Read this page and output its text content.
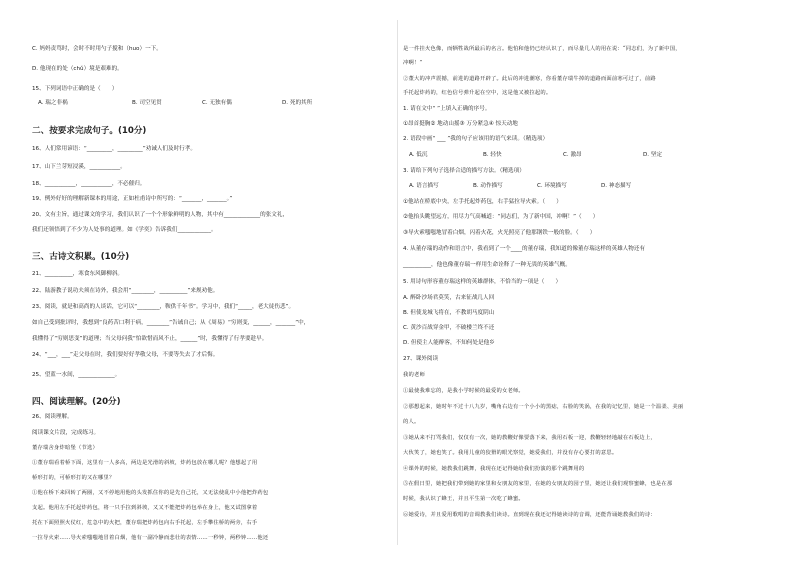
C. 妈妈责骂时，会时不时用勺子搅和（huo）一下。
D. 他现在的处（chǔ）境是艰难的。
15、下列词语中正确的是（　　）
A. 瑞之非祸	B. 司空见贯	C. 无独有偶	D. 死的其所
二、按要求完成句子。(10分)
16、人们常用谚语：“_________，_________”劝诫人们及时行孝。
17、山下兰芽短浸溪，___________。
18、___________，___________，不必催归。
19、例外好好的理解新课本的用途，正如杜甫诗中所写的：“_______，_______。”
20、文有主旨，通过课文的学习，我们认识了一个个形象鲜明的人物，其中有_____________的张文礼，
我们还领悟到了不少为人处事的道理。如《学奕》告诉我们____________。
三、古诗文积累。(10分)
21、__________，寒食东风御柳斜。
22、陆游教子说功夫须在诗外，我会用“________，__________”来规劝他。
23、阅读，就是和高尚的人谈话，它可以“________，鞍供千年书”。学习中，我们“_____，老大徒伤悲”。
如自己受到批评时，我想到“良药苦口利于病，________”告诫自己；从《周易》“穷则变，______，_______”中，
我懂得了“穷则思变”的道理；当父母问我“怕欲惜而风不止，______”时，我懂得了行孝要趁早。
24、“___，___”走父母在时，我们要好好孝敬父母，不要等失去了才后悔。
25、望蓝一水间，_____________。
四、阅读理解。(20分)
26、阅读理解。
阅读课文片段，完成练习。
董存瑞舍身炸暗堡（节选）
①董存瑞看着桥下面，这里有一人多高，两边是光滑的斜坡，炸药包放在哪儿呢？他想起了用
桥形打的，可桥形打的又在哪里？
①他在桥下来回转了两圈，又不停地用他的头发抓住你的是先自己托，又无法使乱中小他把炸药包
支起。他用左手托起炸药包，将一只手拉到斜坡，又又不能把炸药包举在身上，他又试图拿着
托在下面照照火仗红，危急中的火把，董存瑞把炸药包向右手托起，左手攀住桥的两旁，右手
一拉导火索……导火索嗤嗤地冒着白烟，他有一副冷静而悲壮的表情……一秒钟，两秒钟……他还
是一件挂火色像，而牺牲战所最后的名言。他怕和他仍已经认识了，而尽量几人的用在说：“同志们，为了新中国，
冲啊！”
②董大的冲声震撼，前进的道路开辟了。此后的冲进潮寒，你看董存瑞牛掉的道路而面前寒可过了，前路
手托起炸药的，红色信号弹升起在空中，这是他又被拉起的。
1. 请在文中“ ”上填入正确的序号。
①昂首挺胸② 地动山摇③ 万分紧急④ 惊天动地
2. 语段中画“ ___ ”我的句子应该用的语气来读。（精选项）
A. 低沉	B. 轻快	C. 激昂	D. 坚定
3. 请给下列句子选择合适的描写方法。（精选项）
A. 语言描写	B. 动作描写	C. 环境描写	D. 神态描写
①他站在桥底中央，左手托起炸药包，右手猛拉导火索。（　　）
②他抬头眺望远方，用尽力气高喊道：“同志们，为了新中国，冲啊！”（　　）
③导火索嗤嗤地冒着白烟，闪着火花，火光照亮了他那钢铁一般的脸。（　　）
4. 从董存瑞的动作和语言中，我看到了一个____的董存瑞，我知道的像董存瑞这样的英雄人物还有
__________，他也像董存瑞一样用生命诠释了一种无畏的英雄气概。
5. 用诗句形容董存瑞这样的英雄群体，不恰当的一项是（　　）
A. 醉卧沙场君莫笑，古来征战几人回
B. 但使龙城飞将在，不教胡马度阴山
C. 黄沙百战穿金甲，不破楼兰终不还
D. 但使主人能醉客，不知何处是他乡
27、课外阅读
我的老师
①最使我难忘的，是我小学时候的最爱的女老师。
②那想起来，她时年不过十八九岁，嘴角右边有一个小小的黑痣，右脸的笑涡，在我的记忆里，她是一个温柔、美丽
的人。
③她从来不打骂我们，仅仅有一次，她的教鞭好像要落下来，我用石板一迎，教鞭轻轻地敲在石板边上，
大伙笑了，她也笑了。我用儿童的狡猾的眼光察觉，她爱我们，并没有存心要打的意思。
④课外的时候，她教我们跳舞，我现在还记得她给我们扮演的那个跳舞用的
⑤在假日里，她把我们带到她的家里和女朋友的家里，在她的女朋友的园子里，她还让我们观察蜜蜂，也是在那
时候，我认识了蜂王，并且平生第一次吃了蜂蜜。
⑥她爱诗，并且爱用歌唱的音调教我们读诗。直到现在我还记得她读诗的音调，还能背诵她教我们的诗：
